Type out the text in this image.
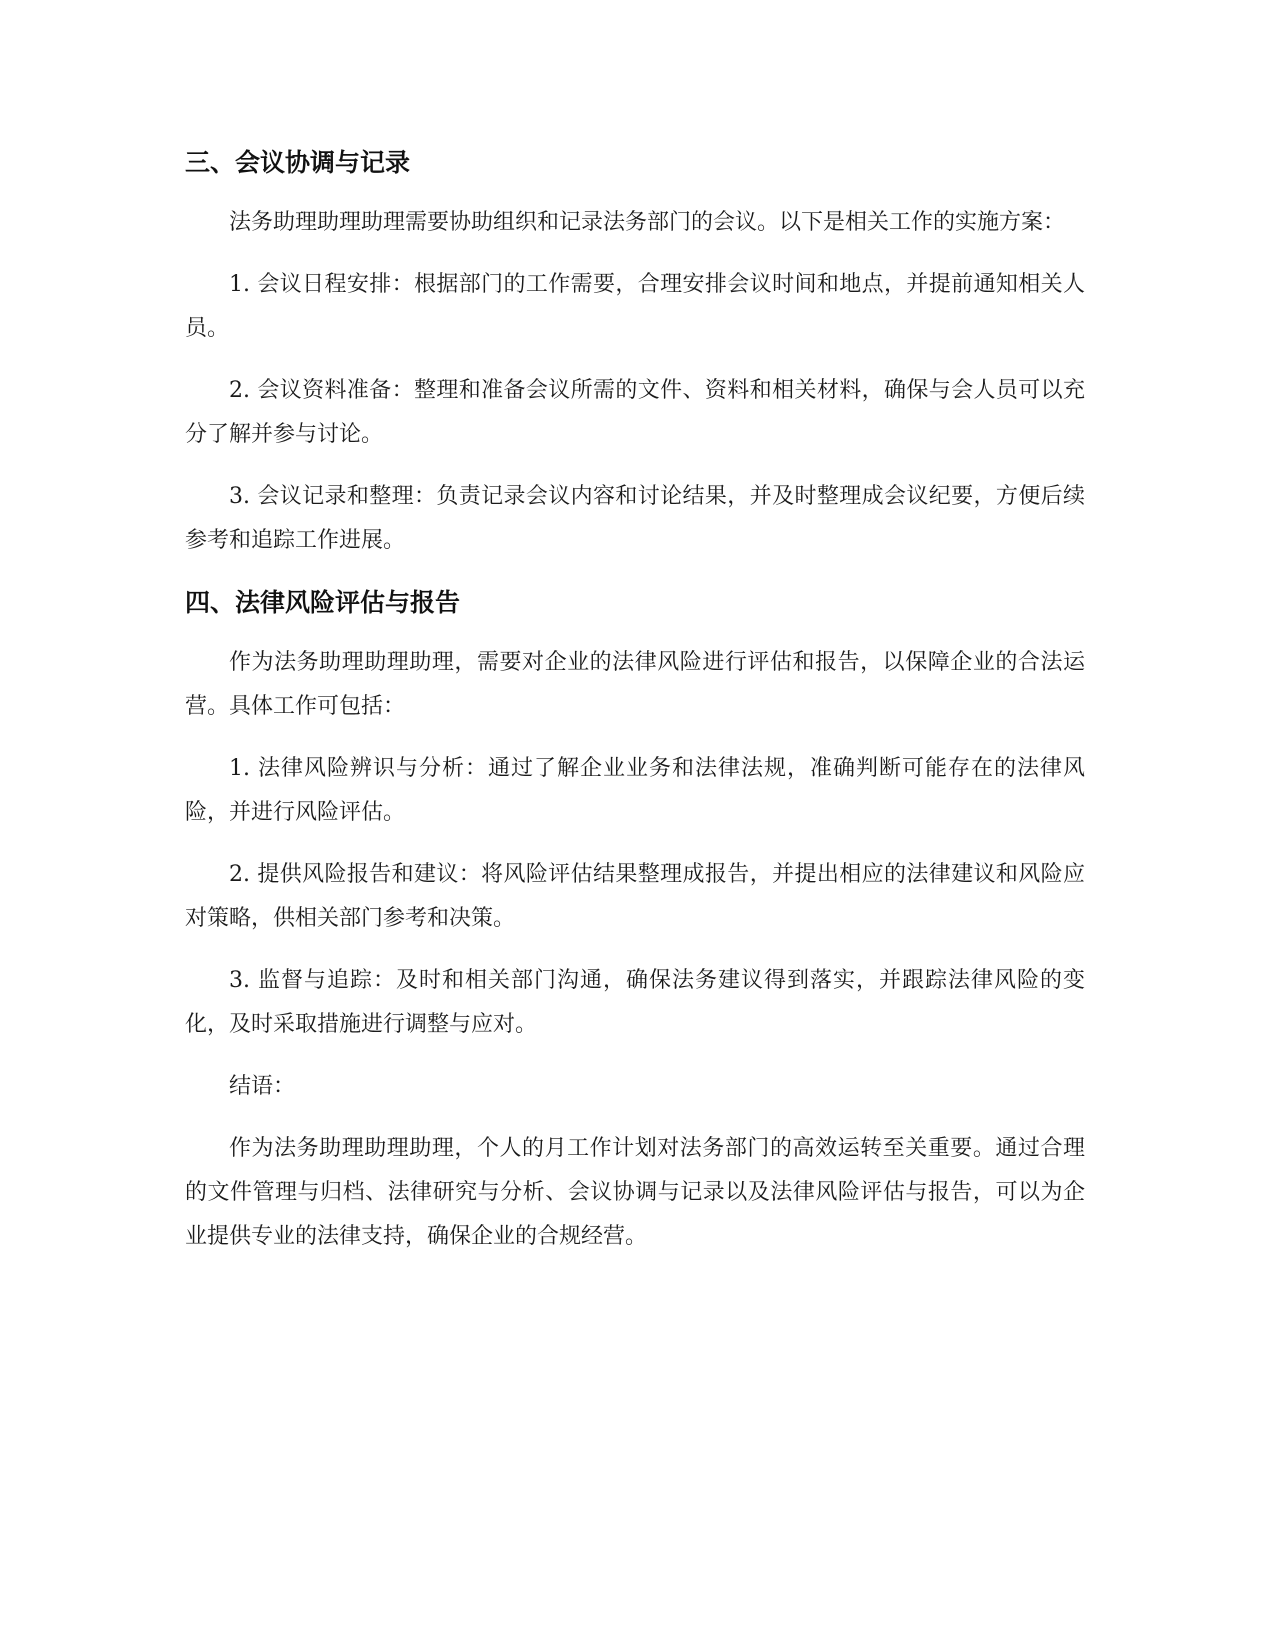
三、会议协调与记录

法务助理助理助理需要协助组织和记录法务部门的会议。以下是相关工作的实施方案：

1. 会议日程安排：根据部门的工作需要，合理安排会议时间和地点，并提前通知相关人员。

2. 会议资料准备：整理和准备会议所需的文件、资料和相关材料，确保与会人员可以充分了解并参与讨论。

3. 会议记录和整理：负责记录会议内容和讨论结果，并及时整理成会议纪要，方便后续参考和追踪工作进展。

四、法律风险评估与报告

作为法务助理助理助理，需要对企业的法律风险进行评估和报告，以保障企业的合法运营。具体工作可包括：

1. 法律风险辨识与分析：通过了解企业业务和法律法规，准确判断可能存在的法律风险，并进行风险评估。

2. 提供风险报告和建议：将风险评估结果整理成报告，并提出相应的法律建议和风险应对策略，供相关部门参考和决策。

3. 监督与追踪：及时和相关部门沟通，确保法务建议得到落实，并跟踪法律风险的变化，及时采取措施进行调整与应对。

结语：

作为法务助理助理助理，个人的月工作计划对法务部门的高效运转至关重要。通过合理的文件管理与归档、法律研究与分析、会议协调与记录以及法律风险评估与报告，可以为企业提供专业的法律支持，确保企业的合规经营。
